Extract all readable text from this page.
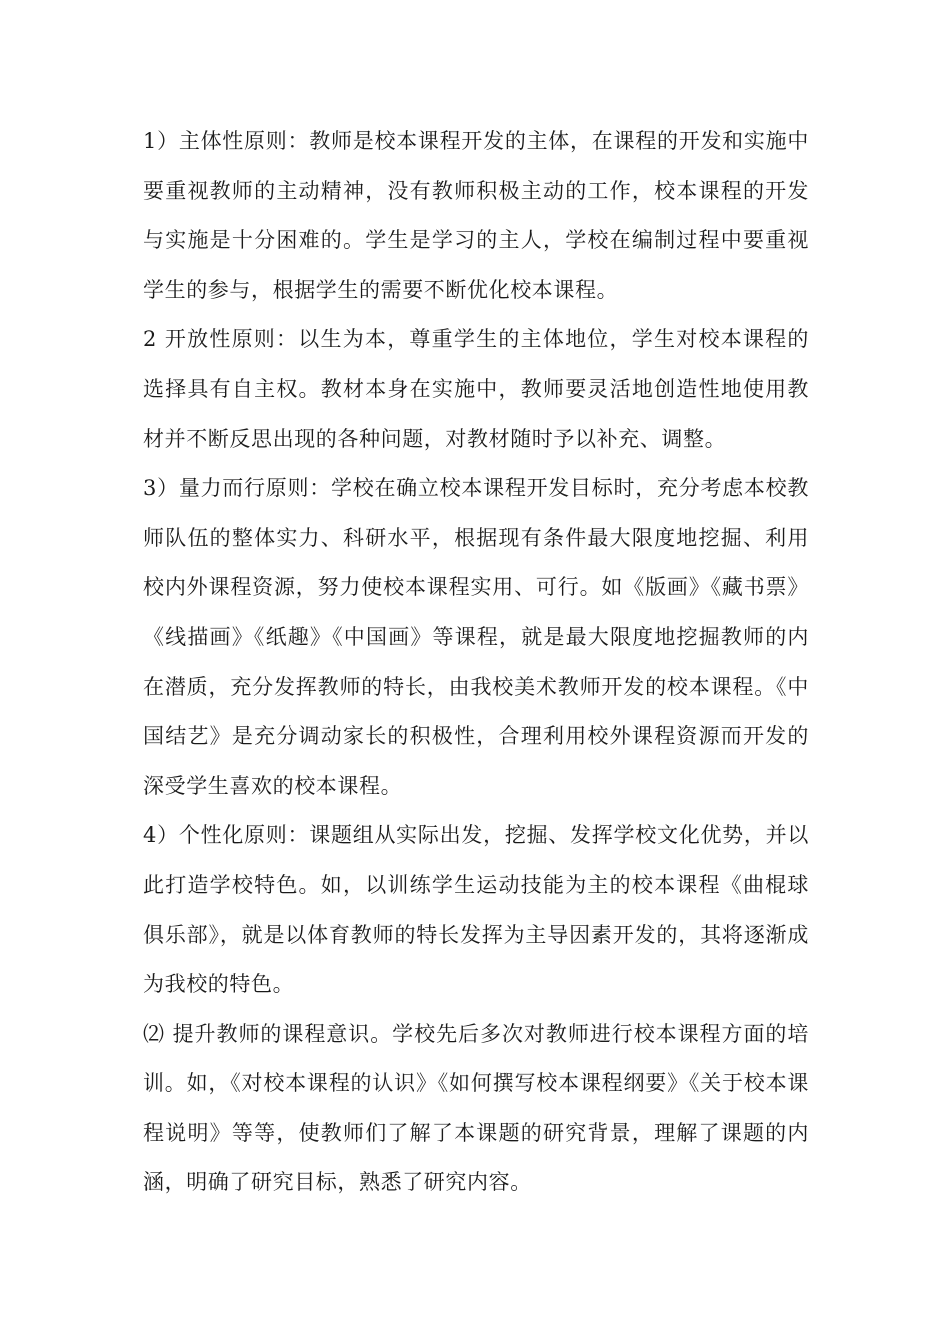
1）主体性原则：教师是校本课程开发的主体，在课程的开发和实施中要重视教师的主动精神，没有教师积极主动的工作，校本课程的开发与实施是十分困难的。学生是学习的主人，学校在编制过程中要重视学生的参与，根据学生的需要不断优化校本课程。

2 开放性原则：以生为本，尊重学生的主体地位，学生对校本课程的选择具有自主权。教材本身在实施中，教师要灵活地创造性地使用教材并不断反思出现的各种问题，对教材随时予以补充、调整。

3）量力而行原则：学校在确立校本课程开发目标时，充分考虑本校教师队伍的整体实力、科研水平，根据现有条件最大限度地挖掘、利用校内外课程资源，努力使校本课程实用、可行。如《版画》《藏书票》《线描画》《纸趣》《中国画》等课程，就是最大限度地挖掘教师的内在潜质，充分发挥教师的特长，由我校美术教师开发的校本课程。《中国结艺》是充分调动家长的积极性，合理利用校外课程资源而开发的深受学生喜欢的校本课程。

4）个性化原则：课题组从实际出发，挖掘、发挥学校文化优势，并以此打造学校特色。如，以训练学生运动技能为主的校本课程《曲棍球俱乐部》，就是以体育教师的特长发挥为主导因素开发的，其将逐渐成为我校的特色。

⑵ 提升教师的课程意识。学校先后多次对教师进行校本课程方面的培训。如，《对校本课程的认识》《如何撰写校本课程纲要》《关于校本课程说明》等等，使教师们了解了本课题的研究背景，理解了课题的内涵，明确了研究目标，熟悉了研究内容。
